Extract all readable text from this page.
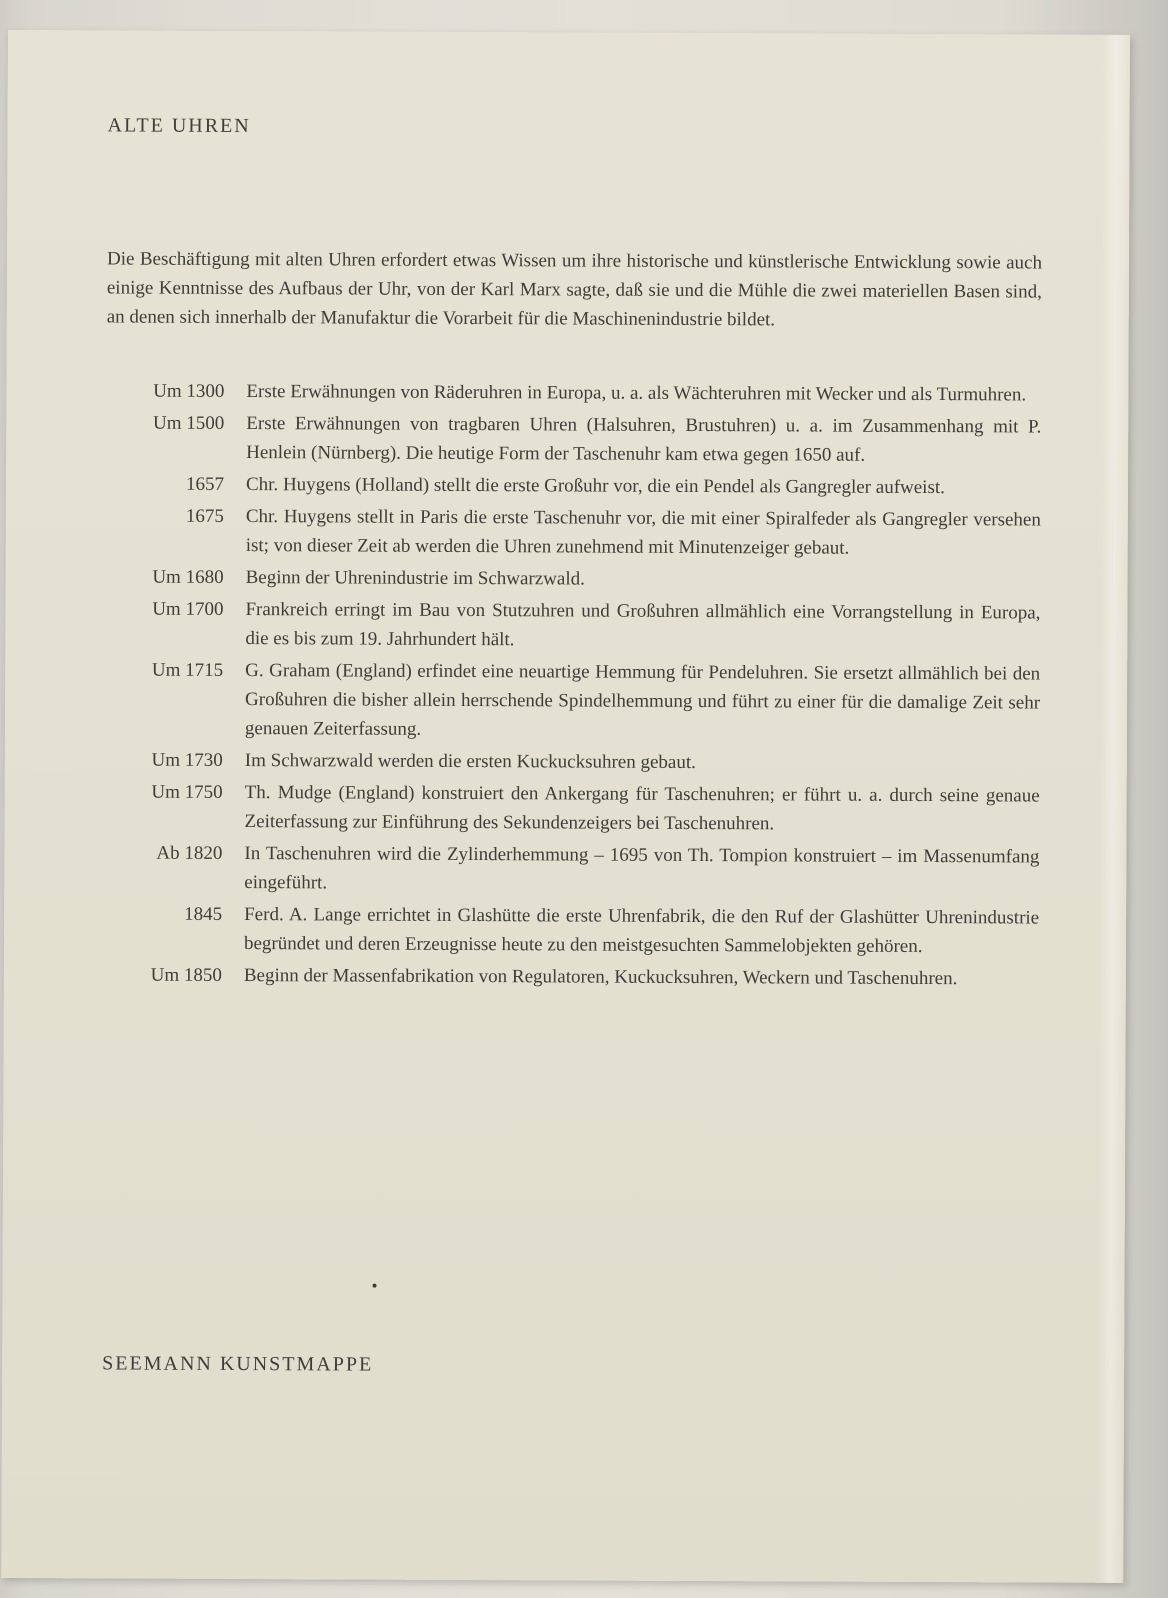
ALTE UHREN

Die Beschäftigung mit alten Uhren erfordert etwas Wissen um ihre historische und künstlerische Entwicklung sowie auch einige Kenntnisse des Aufbaus der Uhr, von der Karl Marx sagte, daß sie und die Mühle die zwei materiellen Basen sind, an denen sich innerhalb der Manufaktur die Vorarbeit für die Maschinenindustrie bildet.

Um 1300	Erste Erwähnungen von Räderuhren in Europa, u. a. als Wächteruhren mit Wecker und als Turmuhren.
Um 1500	Erste Erwähnungen von tragbaren Uhren (Halsuhren, Brustuhren) u. a. im Zusammenhang mit P. Henlein (Nürnberg). Die heutige Form der Taschenuhr kam etwa gegen 1650 auf.
1657	Chr. Huygens (Holland) stellt die erste Großuhr vor, die ein Pendel als Gangregler aufweist.
1675	Chr. Huygens stellt in Paris die erste Taschenuhr vor, die mit einer Spiralfeder als Gangregler versehen ist; von dieser Zeit ab werden die Uhren zunehmend mit Minutenzeiger gebaut.
Um 1680	Beginn der Uhrenindustrie im Schwarzwald.
Um 1700	Frankreich erringt im Bau von Stutzuhren und Großuhren allmählich eine Vorrangstellung in Europa, die es bis zum 19. Jahrhundert hält.
Um 1715	G. Graham (England) erfindet eine neuartige Hemmung für Pendeluhren. Sie ersetzt allmählich bei den Großuhren die bisher allein herrschende Spindelhemmung und führt zu einer für die damalige Zeit sehr genauen Zeiterfassung.
Um 1730	Im Schwarzwald werden die ersten Kuckucksuhren gebaut.
Um 1750	Th. Mudge (England) konstruiert den Ankergang für Taschenuhren; er führt u. a. durch seine genaue Zeiterfassung zur Einführung des Sekundenzeigers bei Taschenuhren.
Ab 1820	In Taschenuhren wird die Zylinderhemmung – 1695 von Th. Tompion konstruiert – im Massenumfang eingeführt.
1845	Ferd. A. Lange errichtet in Glashütte die erste Uhrenfabrik, die den Ruf der Glashütter Uhrenindustrie begründet und deren Erzeugnisse heute zu den meistgesuchten Sammelobjekten gehören.
Um 1850	Beginn der Massenfabrikation von Regulatoren, Kuckucksuhren, Weckern und Taschenuhren.
SEEMANN KUNSTMAPPE
